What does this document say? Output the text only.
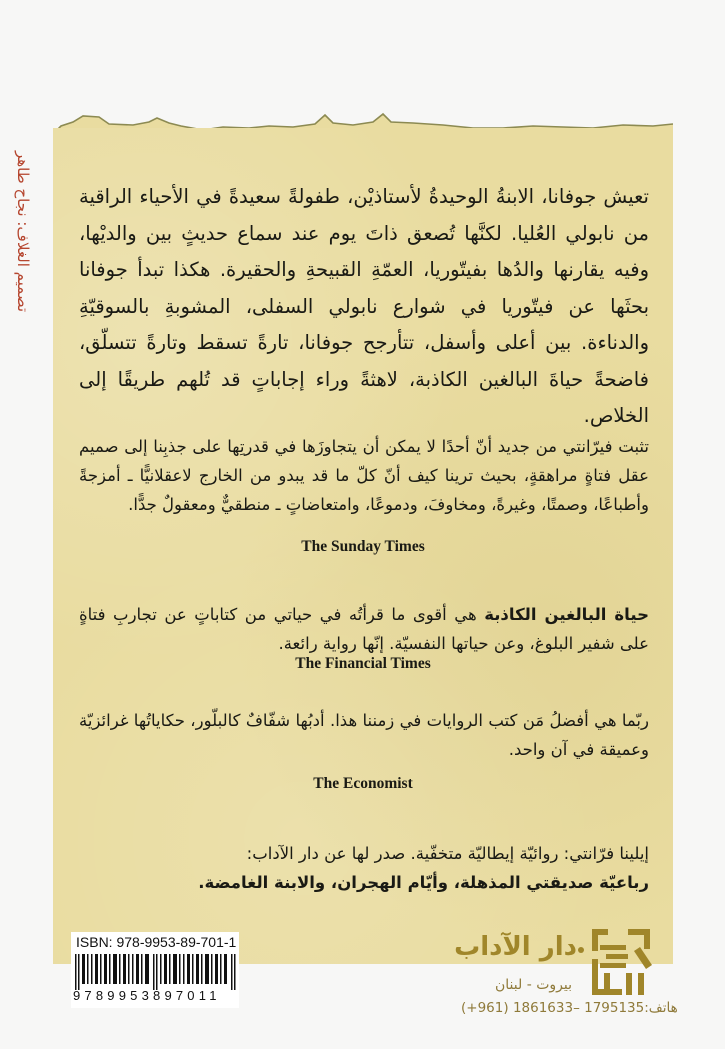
تصميم الغلاف: نجاح طاهر	تعيش جوفانا، الابنةُ الوحيدةُ لأستاذيْن، طفولةً سعيدةً في الأحياء الراقية من نابولي العُليا. لكنَّها تُصعق ذاتَ يوم عند سماع حديثٍ بين والديْها، وفيه يقارنها والدُها بفيتّوريا، العمّةِ القبيحةِ والحقيرة. هكذا تبدأ جوفانا بحثَها عن فيتّوريا في شوارع نابولي السفلى، المشوبةِ بالسوقيّةِ والدناءة. بين أعلى وأسفل، تتأرجح جوفانا، تارةً تسقط وتارةً تتسلّق، فاضحةً حياةَ البالغين الكاذبة، لاهثةً وراء إجاباتٍ قد تُلهم طريقًا إلى الخلاص.
تثبت فيرّانتي من جديد أنّ أحدًا لا يمكن أن يتجاوزَها في قدرتِها على جذبِنا إلى صميم عقل فتاةٍ مراهقةٍ، بحيث ترينا كيف أنّ كلّ ما قد يبدو من الخارج لاعقلانيًّا ـ أمزجةً وأطباعًا، وصمتًا، وغيرةً، ومخاوفَ، ودموعًا، وامتعاضاتٍ ـ منطقيٌّ ومعقولٌ جدًّا.
The Sunday Times
حياة البالغين الكاذبة هي أقوى ما قرأتُه في حياتي من كتاباتٍ عن تجاربِ فتاةٍ على شفير البلوغ، وعن حياتها النفسيّة. إنّها رواية رائعة.
The Financial Times
ربّما هي أفضلُ مَن كتب الروايات في زمننا هذا. أدبُها شفّافٌ كالبلّور، حكاياتُها غرائزيّة وعميقة في آن واحد.
The Economist
إيلينا فرّانتي: روائيّة إيطاليّة متخفّية. صدر لها عن دار الآداب:
رباعيّة صديقتي المذهلة، وأيّام الهجران، والابنة الغامضة.
ISBN: 978-9953-89-701-1
9789953897011
دار الآداب
بيروت - لبنان
هاتف:1795135 –1861633 (961+)
